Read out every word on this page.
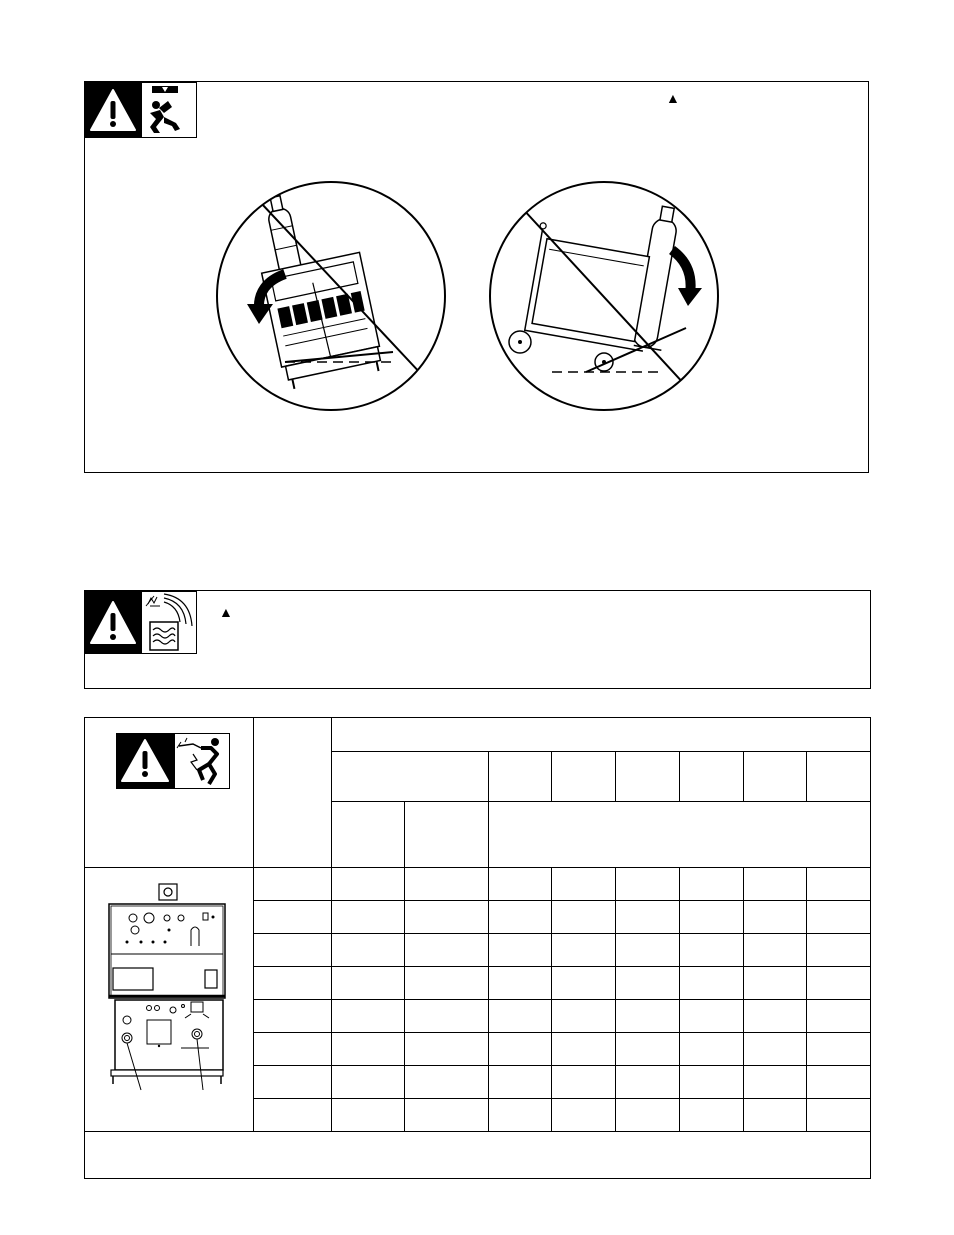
▲
▲
